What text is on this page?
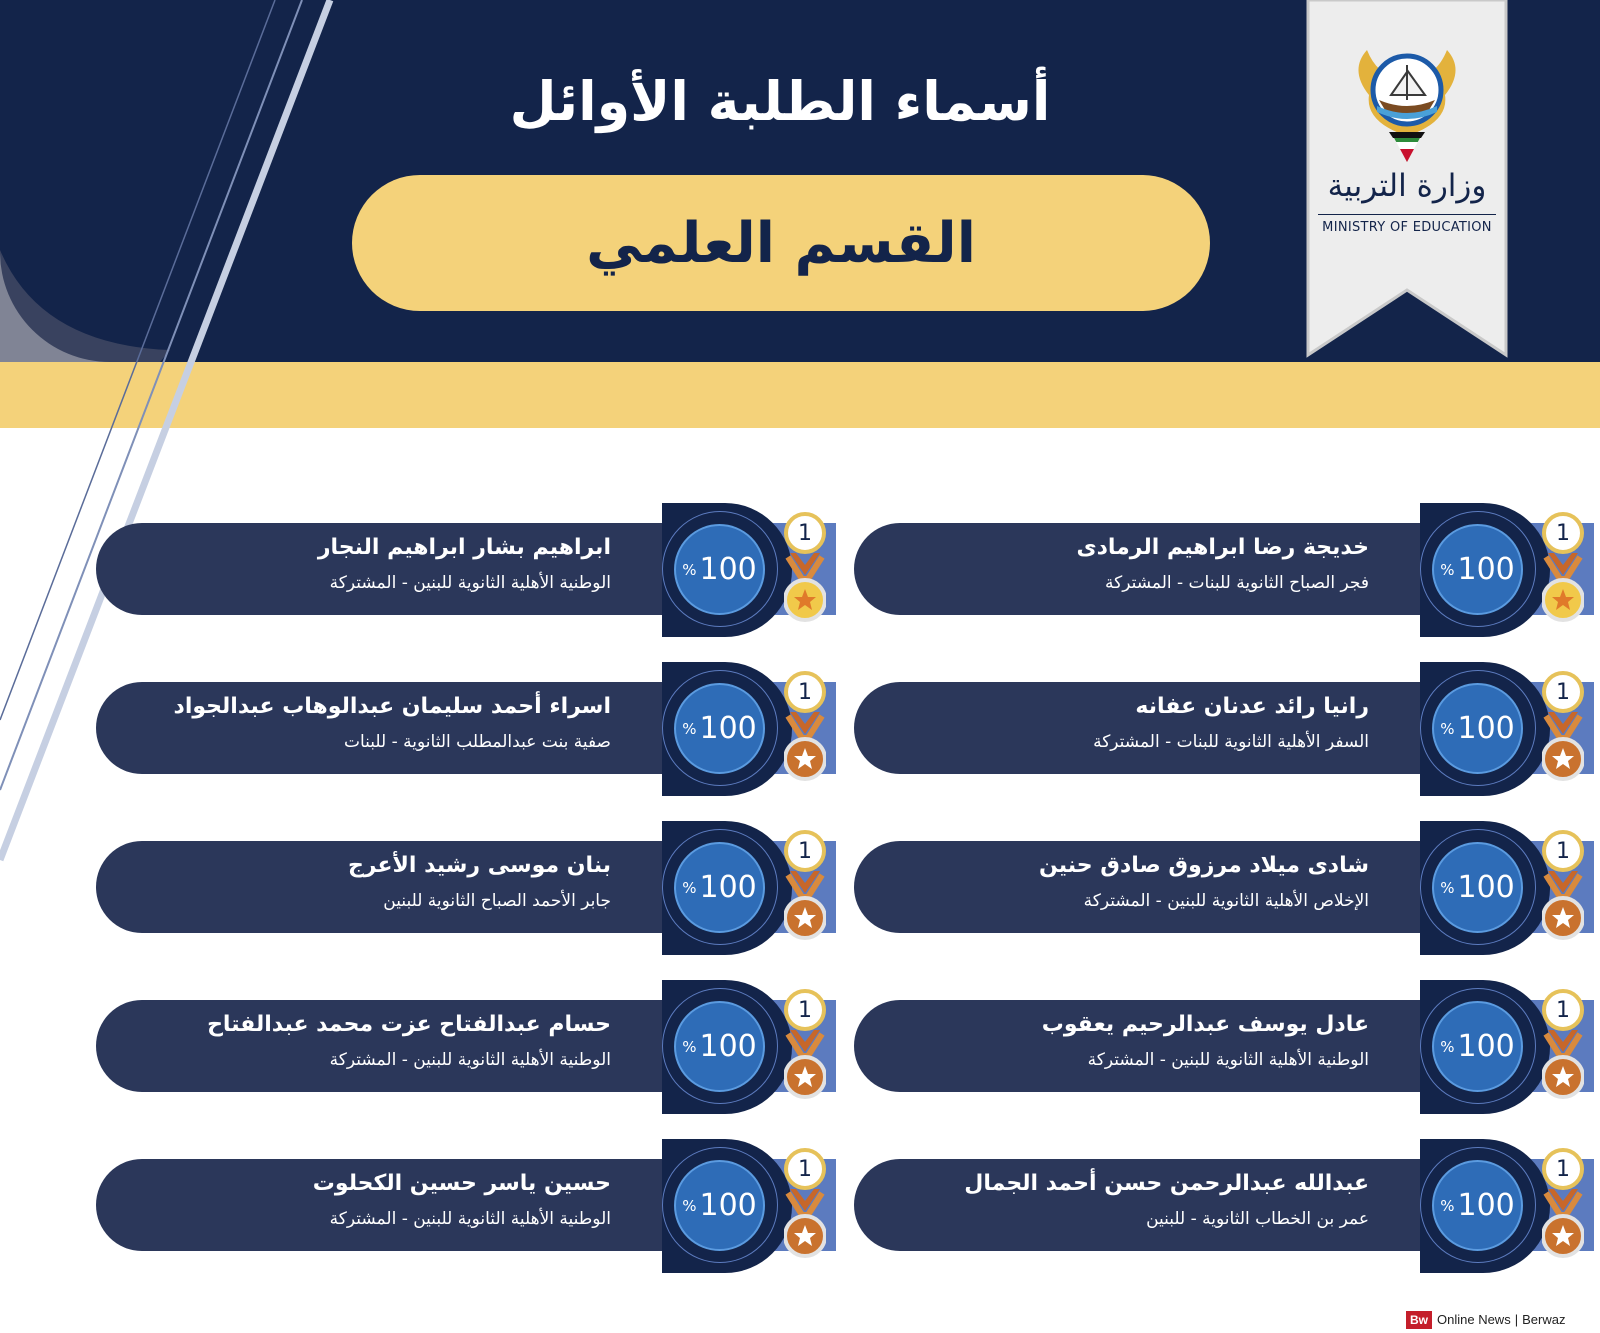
أسماء الطلبة الأوائل
القسم العلمي
وزارة التربية
MINISTRY OF EDUCATION
% 100
خديجة رضا ابراهيم الرمادى
فجر الصباح الثانوية للبنات - المشتركة
1
% 100
ابراهيم بشار ابراهيم النجار
الوطنية الأهلية الثانوية للبنين - المشتركة
1
% 100
رانيا رائد عدنان عفانه
السفر الأهلية الثانوية للبنات - المشتركة
1
% 100
اسراء أحمد سليمان عبدالوهاب عبدالجواد
صفية بنت عبدالمطلب الثانوية - للبنات
1
% 100
شادى ميلاد مرزوق صادق حنين
الإخلاص الأهلية الثانوية للبنين - المشتركة
1
% 100
بنان موسى رشيد الأعرج
جابر الأحمد الصباح الثانوية للبنين
1
% 100
عادل يوسف عبدالرحيم يعقوب
الوطنية الأهلية الثانوية للبنين - المشتركة
1
% 100
حسام عبدالفتاح عزت محمد عبدالفتاح
الوطنية الأهلية الثانوية للبنين - المشتركة
1
% 100
عبدالله عبدالرحمن حسن أحمد الجمال
عمر بن الخطاب الثانوية - للبنين
1
% 100
حسين ياسر حسين الكحلوت
الوطنية الأهلية الثانوية للبنين - المشتركة
1
Bw Online News | Berwaz
